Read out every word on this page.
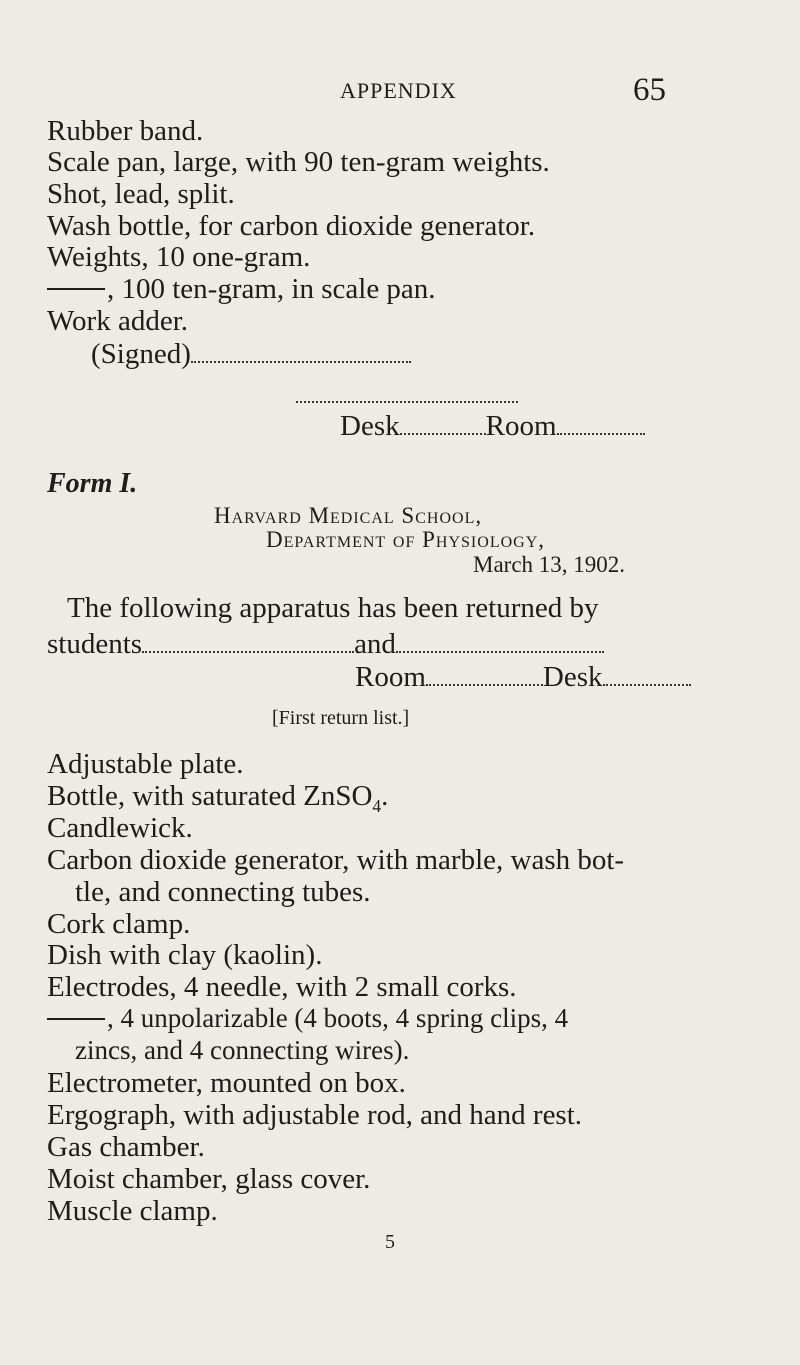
APPENDIX	65
Rubber band.
Scale pan, large, with 90 ten-gram weights.
Shot, lead, split.
Wash bottle, for carbon dioxide generator.
Weights, 10 one-gram.
, 100 ten-gram, in scale pan.
Work adder.
(Signed)
Desk	Room
Form I.
Harvard Medical School,
Department of Physiology,
March 13, 1902.
The following apparatus has been returned by
students	and
Room	Desk
[First return list.]
Adjustable plate.
Bottle, with saturated ZnSO$_4$.
Candlewick.
Carbon dioxide generator, with marble, wash bot-
tle, and connecting tubes.
Cork clamp.
Dish with clay (kaolin).
Electrodes, 4 needle, with 2 small corks.
, 4 unpolarizable (4 boots, 4 spring clips, 4
zincs, and 4 connecting wires).
Electrometer, mounted on box.
Ergograph, with adjustable rod, and hand rest.
Gas chamber.
Moist chamber, glass cover.
Muscle clamp.
5
